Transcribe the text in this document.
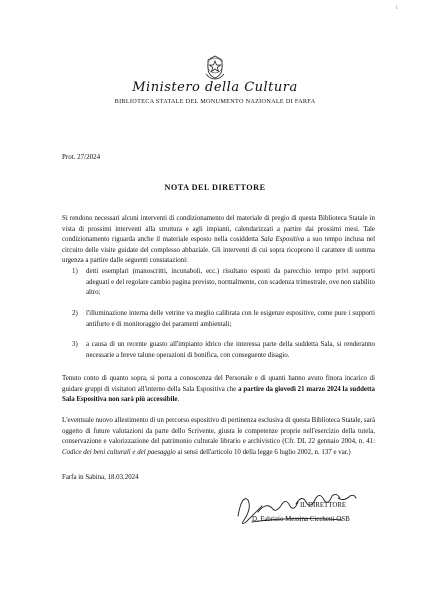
1
Ministero della Cultura
BIBLIOTECA STATALE DEL MONUMENTO NAZIONALE DI FARFA
Prot. 27/2024
NOTA DEL DIRETTORE

Si rendono necessari alcuni interventi di condizionamento del materiale di pregio di questa Biblioteca Statale in vista di prossimi interventi alla struttura e agli impianti, calendarizzati a partire dai prossimi mesi. Tale condizionamento riguarda anche il materiale esposto nella cosiddetta Sala Espositiva a suo tempo inclusa nel circuito delle visite guidate del complesso abbaziale. Gli interventi di cui sopra ricoprono il carattere di somma urgenza a partire dalle seguenti constatazioni:

1) detti esemplari (manoscritti, incunaboli, ecc.) risultano esposti da parecchio tempo privi supporti adeguati e del regolare cambio pagina previsto, normalmente, con scadenza trimestrale, ove non stabilito altro;
2) l'illuminazione interna delle vetrine va meglio calibrata con le esigenze espositive, come pure i supporti antifurto e di monitoraggio dei parametri ambientali;
3) a causa di un recente guasto all'impianto idrico che interessa parte della suddetta Sala, si renderanno necessarie a breve talune operazioni di bonifica, con conseguente disagio.

Tenuto conto di quanto sopra, si porta a conoscenza del Personale e di quanti hanno avuto finora incarico di guidare gruppi di visitatori all'interno della Sala Espositiva che a partire da giovedì 21 marzo 2024 la suddetta Sala Espositiva non sarà più accessibile.

L'eventuale nuovo allestimento di un percorso espositivo di pertinenza esclusiva di questa Biblioteca Statale, sarà oggetto di future valutazioni da parte dello Scrivente, giusta le competenze proprie nell'esercizio della tutela, conservazione e valorizzazione del patrimonio culturale librario e archivistico (Cfr. DL 22 gennaio 2004, n. 41: Codice dei beni culturali e del paesaggio ai sensi dell'articolo 10 della legge 6 luglio 2002, n. 137 e var.)

Farfa in Sabina, 18.03.2024
IL DIRETTORE
D. Fabrizio Messina Cicchetti OSB
